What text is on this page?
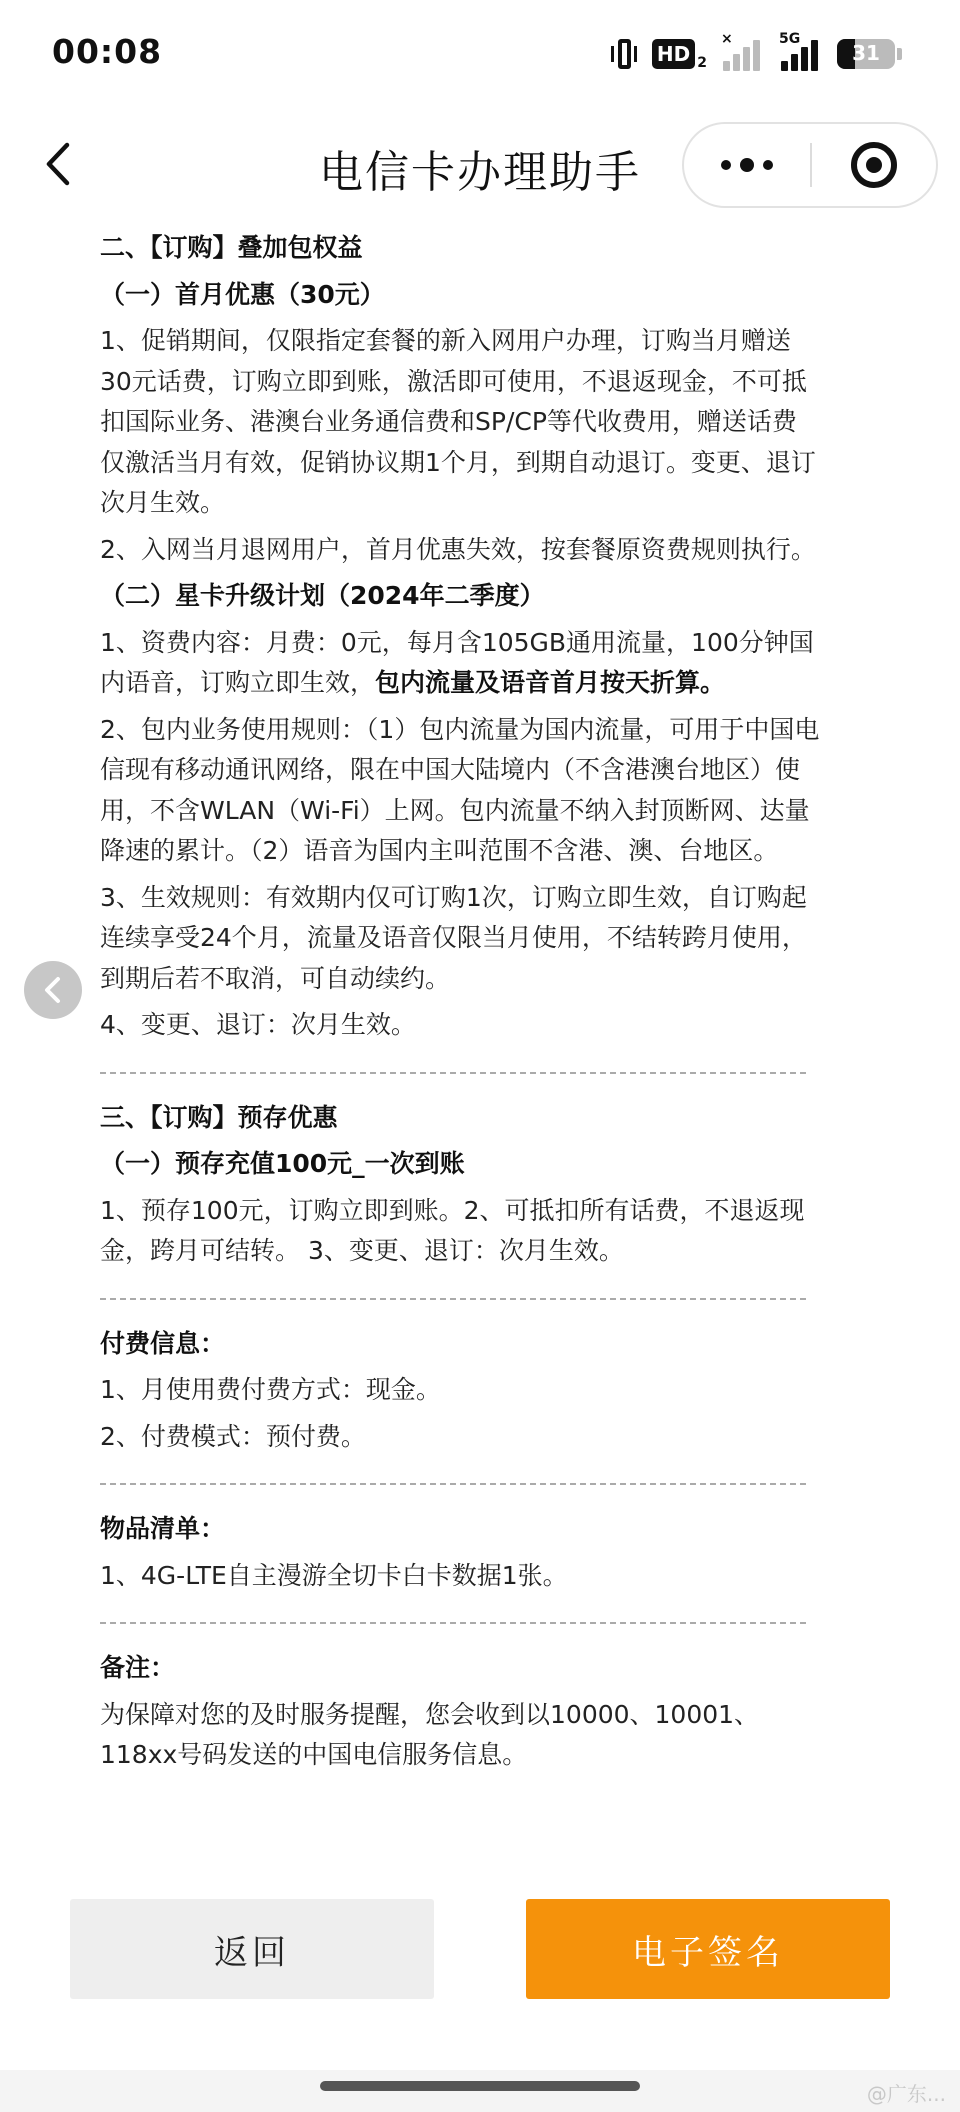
00:08	HD 2
×	5G
31
电信卡办理助手
二、【订购】叠加包权益
（一）首月优惠（30元）
1、促销期间，仅限指定套餐的新入网用户办理，订购当月赠送30元话费，订购立即到账，激活即可使用，不退返现金，不可抵扣国际业务、港澳台业务通信费和SP/CP等代收费用，赠送话费仅激活当月有效，促销协议期1个月，到期自动退订。变更、退订次月生效。
2、入网当月退网用户，首月优惠失效，按套餐原资费规则执行。
（二）星卡升级计划（2024年二季度）
1、资费内容：月费：0元，每月含105GB通用流量，100分钟国内语音，订购立即生效，包内流量及语音首月按天折算。
2、包内业务使用规则：（1）包内流量为国内流量，可用于中国电信现有移动通讯网络，限在中国大陆境内（不含港澳台地区）使用，不含WLAN（Wi-Fi）上网。包内流量不纳入封顶断网、达量降速的累计。（2）语音为国内主叫范围不含港、澳、台地区。
3、生效规则：有效期内仅可订购1次，订购立即生效，自订购起连续享受24个月，流量及语音仅限当月使用，不结转跨月使用，到期后若不取消，可自动续约。
4、变更、退订：次月生效。
三、【订购】预存优惠
（一）预存充值100元_一次到账
1、预存100元，订购立即到账。2、可抵扣所有话费，不退返现金，跨月可结转。 3、变更、退订：次月生效。
付费信息：
1、月使用费付费方式：现金。
2、付费模式：预付费。
物品清单：
1、4G-LTE自主漫游全切卡白卡数据1张。
备注：
为保障对您的及时服务提醒，您会收到以10000、10001、118xx号码发送的中国电信服务信息。
返回	电子签名
@广东...
